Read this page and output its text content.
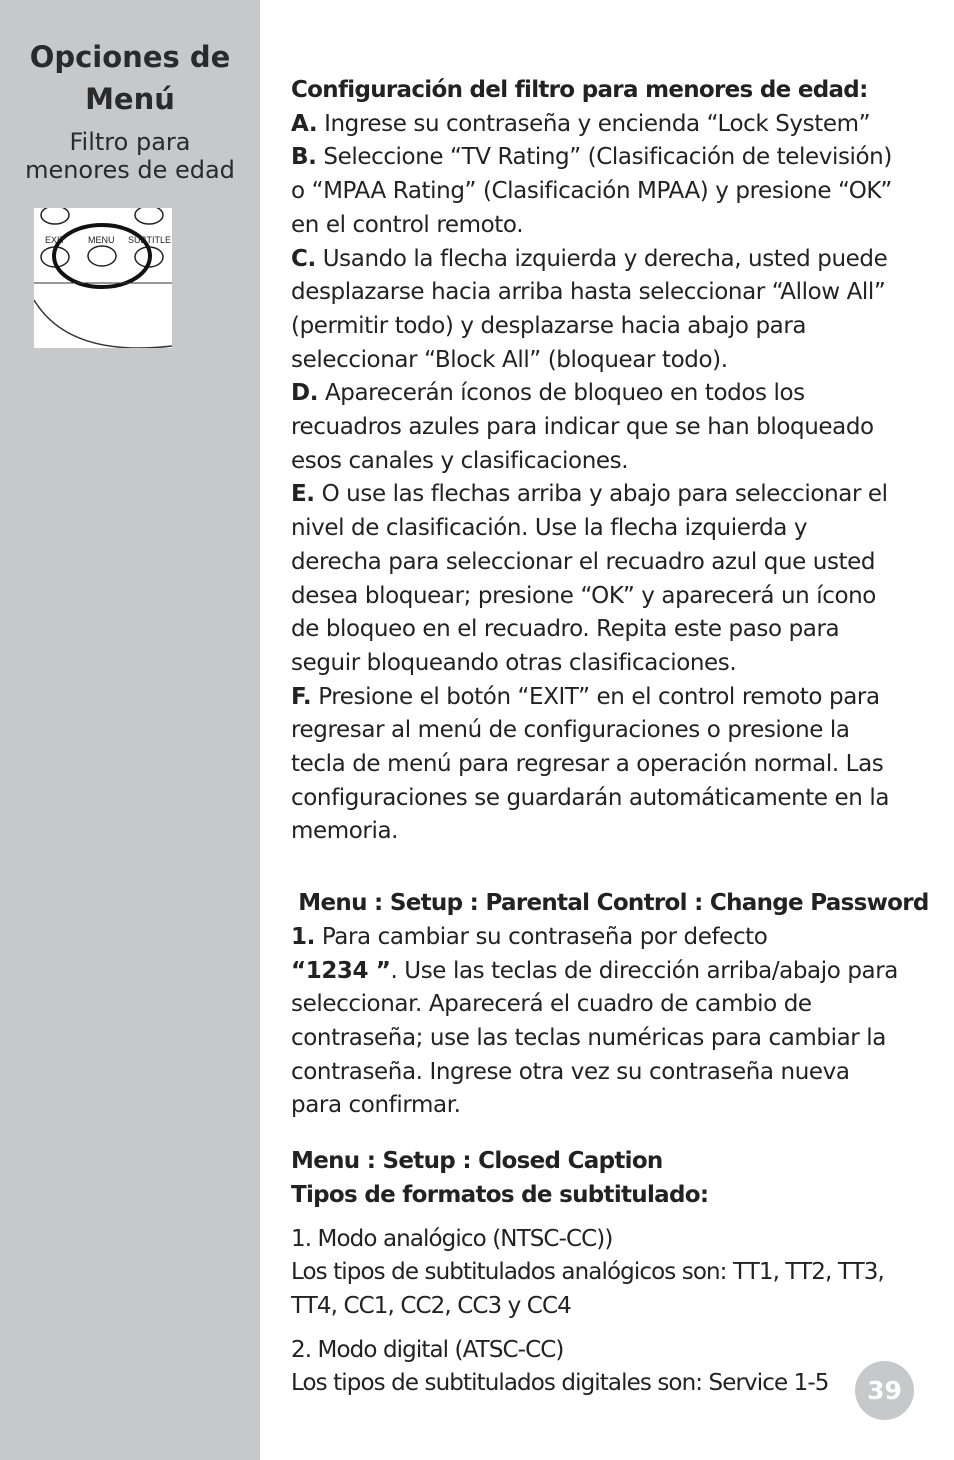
Opciones de
Menú
Filtro para
menores de edad
EXIT	MENU SUBTITLE
Configuración del filtro para menores de edad:
A. Ingrese su contraseña y encienda “Lock System”
B. Seleccione “TV Rating” (Clasificación de televisión) o “MPAA Rating” (Clasificación MPAA) y presione “OK” en el control remoto.
C. Usando la flecha izquierda y derecha, usted puede desplazarse hacia arriba hasta seleccionar “Allow All” (permitir todo) y desplazarse hacia abajo para seleccionar “Block All” (bloquear todo).
D. Aparecerán íconos de bloqueo en todos los recuadros azules para indicar que se han bloqueado esos canales y clasificaciones.
E. O use las flechas arriba y abajo para seleccionar el nivel de clasificación. Use la flecha izquierda y derecha para seleccionar el recuadro azul que usted desea bloquear; presione “OK” y aparecerá un ícono de bloqueo en el recuadro. Repita este paso para seguir bloqueando otras clasificaciones.
F. Presione el botón “EXIT” en el control remoto para regresar al menú de configuraciones o presione la tecla de menú para regresar a operación normal. Las configuraciones se guardarán automáticamente en la memoria.
Menu : Setup : Parental Control : Change Password
1. Para cambiar su contraseña por defecto
“1234 ”. Use las teclas de dirección arriba/abajo para seleccionar. Aparecerá el cuadro de cambio de contraseña; use las teclas numéricas para cambiar la contraseña. Ingrese otra vez su contraseña nueva para confirmar.
Menu : Setup : Closed Caption
Tipos de formatos de subtitulado:
1. Modo analógico (NTSC-CC))
Los tipos de subtitulados analógicos son: TT1, TT2, TT3, TT4, CC1, CC2, CC3 y CC4
2. Modo digital (ATSC-CC)
Los tipos de subtitulados digitales son: Service 1-5	39
